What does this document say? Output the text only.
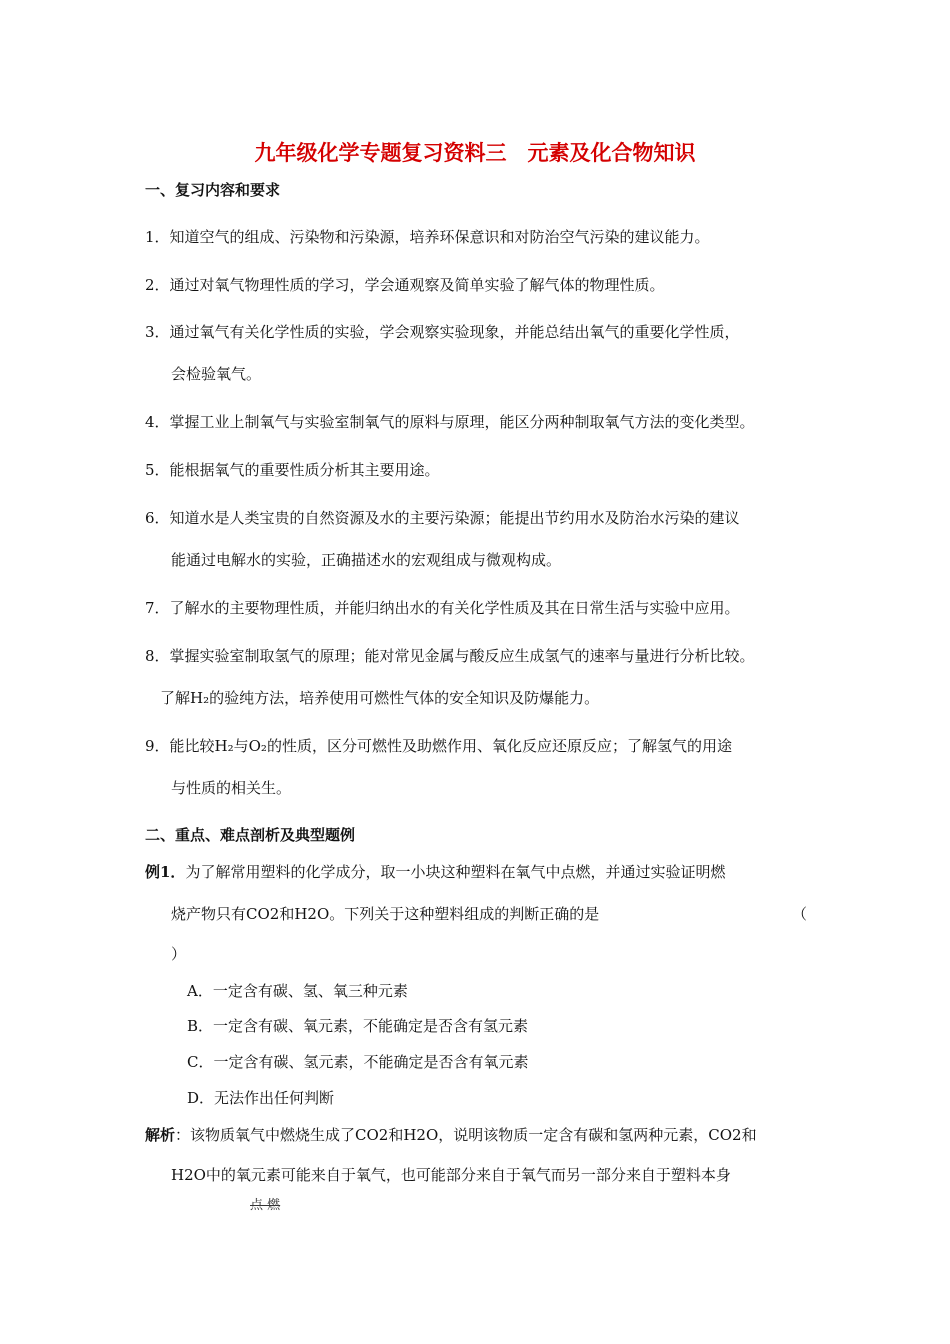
九年级化学专题复习资料三　元素及化合物知识
一、复习内容和要求
1．知道空气的组成、污染物和污染源，培养环保意识和对防治空气污染的建议能力。
2．通过对氧气物理性质的学习，学会通观察及简单实验了解气体的物理性质。
3．通过氧气有关化学性质的实验，学会观察实验现象，并能总结出氧气的重要化学性质，
会检验氧气。
4．掌握工业上制氧气与实验室制氧气的原料与原理，能区分两种制取氧气方法的变化类型。
5．能根据氧气的重要性质分析其主要用途。
6．知道水是人类宝贵的自然资源及水的主要污染源；能提出节约用水及防治水污染的建议
能通过电解水的实验，正确描述水的宏观组成与微观构成。
7．了解水的主要物理性质，并能归纳出水的有关化学性质及其在日常生活与实验中应用。
8．掌握实验室制取氢气的原理；能对常见金属与酸反应生成氢气的速率与量进行分析比较。
了解H₂的验纯方法，培养使用可燃性气体的安全知识及防爆能力。
9．能比较H₂与O₂的性质，区分可燃性及助燃作用、氧化反应还原反应；了解氢气的用途
与性质的相关生。
二、重点、难点剖析及典型题例
例1．为了解常用塑料的化学成分，取一小块这种塑料在氧气中点燃，并通过实验证明燃
烧产物只有CO2和H2O。下列关于这种塑料组成的判断正确的是	（
）
A．一定含有碳、氢、氧三种元素
B．一定含有碳、氧元素，不能确定是否含有氢元素
C．一定含有碳、氢元素，不能确定是否含有氧元素
D．无法作出任何判断
解析：该物质氧气中燃烧生成了CO2和H2O，说明该物质一定含有碳和氢两种元素，CO2和
H2O中的氧元素可能来自于氧气，也可能部分来自于氧气而另一部分来自于塑料本身
点 燃
